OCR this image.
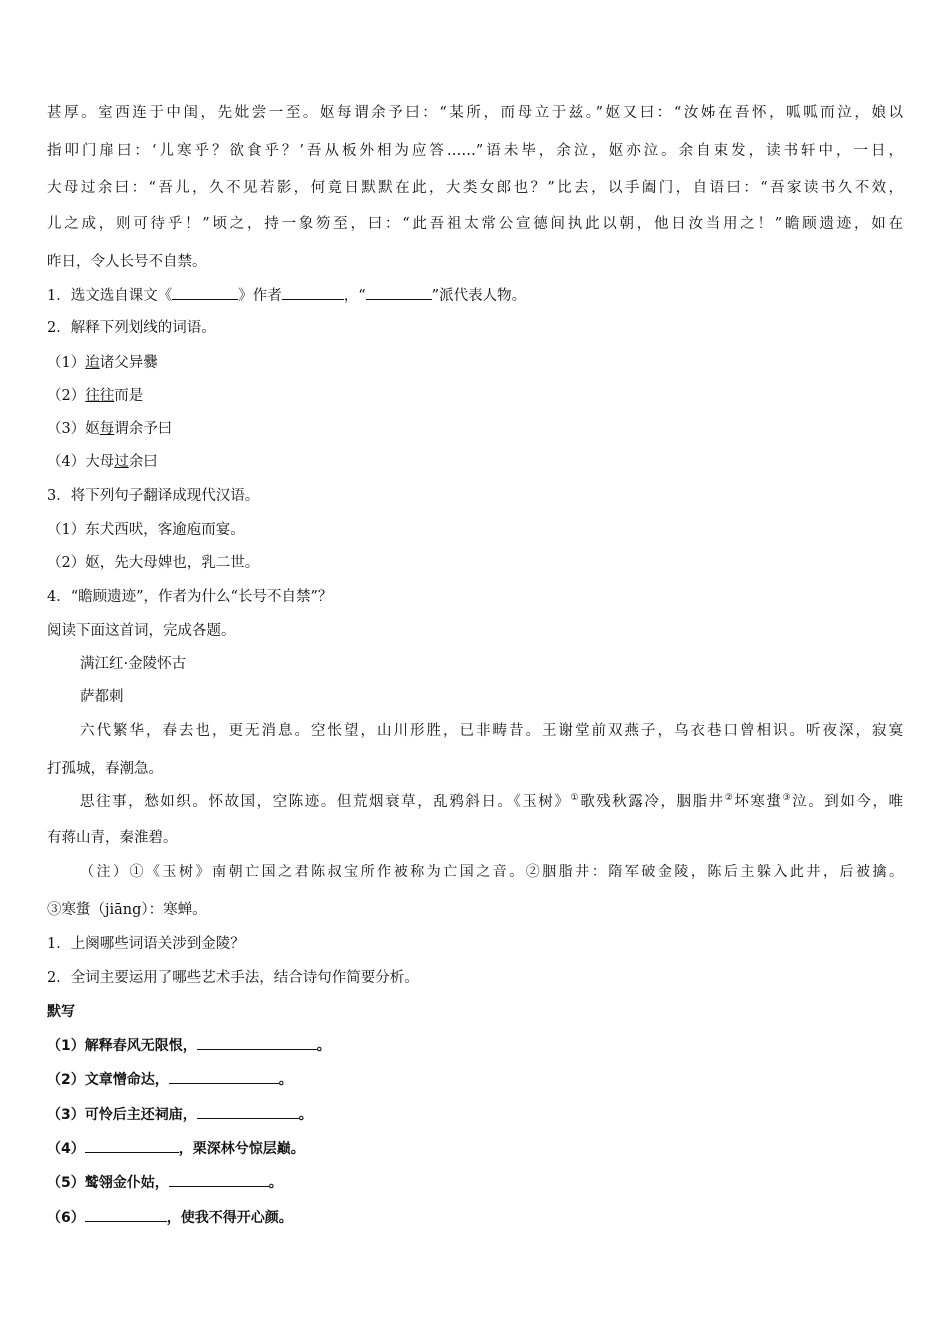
甚厚。室西连于中闺，先妣尝一至。妪每谓余予曰：“某所，而母立于兹。”妪又曰：“汝姊在吾怀，呱呱而泣，娘以
指叩门扉曰：‘儿寒乎？欲食乎？’吾从板外相为应答……”语未毕，余泣，妪亦泣。余自束发，读书轩中，一日，
大母过余曰：“吾儿，久不见若影，何竟日默默在此，大类女郎也？”比去，以手阖门，自语曰：“吾家读书久不效，
儿之成，则可待乎！”顷之，持一象笏至，曰：“此吾祖太常公宣德间执此以朝，他日汝当用之！”瞻顾遗迹，如在
昨日，令人长号不自禁。
1．选文选自课文《	》作者	，“	”派代表人物。
2．解释下列划线的词语。
（1）迨诸父异爨
（2）往往而是
（3）妪每谓余予曰
（4）大母过余曰
3．将下列句子翻译成现代汉语。
（1）东犬西吠，客逾庖而宴。
（2）妪，先大母婢也，乳二世。
4．“瞻顾遗迹”，作者为什么“长号不自禁”？
阅读下面这首词，完成各题。
满江红·金陵怀古
萨都刺
六代繁华，春去也，更无消息。空怅望，山川形胜，已非畴昔。王谢堂前双燕子，乌衣巷口曾相识。听夜深，寂寞
打孤城，春潮急。
思往事，愁如织。怀故国，空陈迹。但荒烟衰草，乱鸦斜日。《玉树》①歌残秋露冷，胭脂井②坏寒螀③泣。到如今，唯
有蒋山青，秦淮碧。
（注）①《玉树》南朝亡国之君陈叔宝所作被称为亡国之音。②胭脂井：隋军破金陵，陈后主躲入此井，后被擒。
③寒螀（jiāng）：寒蝉。
1．上阕哪些词语关涉到金陵？
2．全词主要运用了哪些艺术手法，结合诗句作简要分析。
默写
（1）解释春风无限恨，	。
（2）文章憎命达，	。
（3）可怜后主还祠庙，	。
（4）	，栗深林兮惊层巅。
（5）鹫翎金仆姑，	。
（6）	，使我不得开心颜。
